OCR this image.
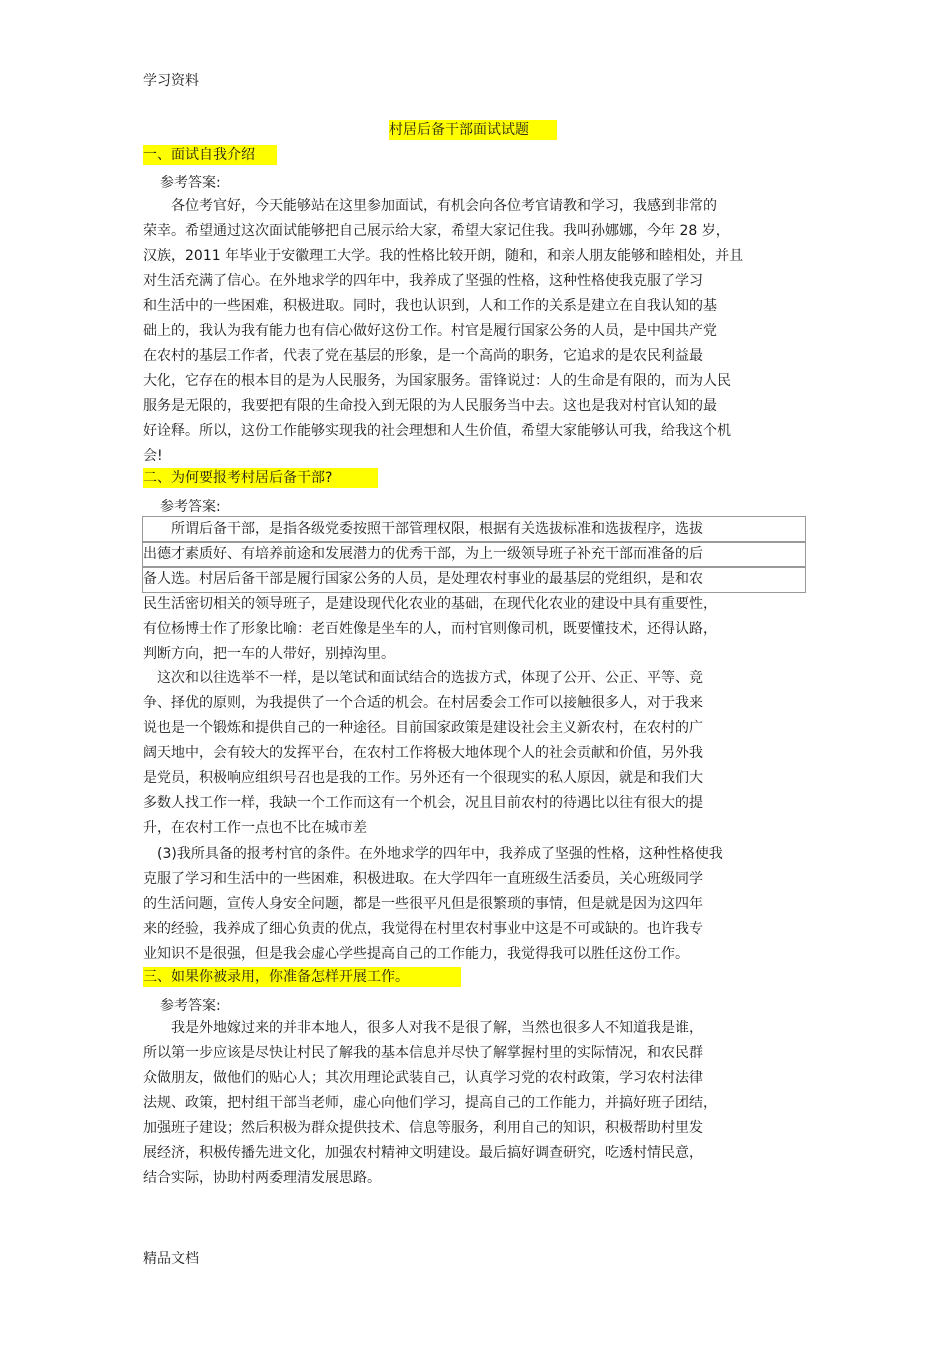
学习资料
村居后备干部面试试题
一、面试自我介绍
参考答案:
　　各位考官好，今天能够站在这里参加面试，有机会向各位考官请教和学习，我感到非常的
荣幸。希望通过这次面试能够把自己展示给大家，希望大家记住我。我叫孙娜娜，今年 28 岁，
汉族，2011 年毕业于安徽理工大学。我的性格比较开朗，随和，和亲人朋友能够和睦相处，并且
对生活充满了信心。在外地求学的四年中，我养成了坚强的性格，这种性格使我克服了学习
和生活中的一些困难，积极进取。同时，我也认识到，人和工作的关系是建立在自我认知的基
础上的，我认为我有能力也有信心做好这份工作。村官是履行国家公务的人员，是中国共产党
在农村的基层工作者，代表了党在基层的形象，是一个高尚的职务，它追求的是农民利益最
大化，它存在的根本目的是为人民服务，为国家服务。雷锋说过：人的生命是有限的，而为人民
服务是无限的，我要把有限的生命投入到无限的为人民服务当中去。这也是我对村官认知的最
好诠释。所以，这份工作能够实现我的社会理想和人生价值，希望大家能够认可我，给我这个机
会!
二、为何要报考村居后备干部?
参考答案:
　　所谓后备干部，是指各级党委按照干部管理权限，根据有关选拔标准和选拔程序，选拔
出德才素质好、有培养前途和发展潜力的优秀干部，为上一级领导班子补充干部而准备的后
备人选。村居后备干部是履行国家公务的人员，是处理农村事业的最基层的党组织，是和农
民生活密切相关的领导班子，是建设现代化农业的基础，在现代化农业的建设中具有重要性，
有位杨博士作了形象比喻：老百姓像是坐车的人，而村官则像司机，既要懂技术，还得认路，
判断方向，把一车的人带好，别掉沟里。
　这次和以往选举不一样，是以笔试和面试结合的选拔方式，体现了公开、公正、平等、竞
争、择优的原则，为我提供了一个合适的机会。在村居委会工作可以接触很多人，对于我来
说也是一个锻炼和提供自己的一种途径。目前国家政策是建设社会主义新农村，在农村的广
阔天地中，会有较大的发挥平台，在农村工作将极大地体现个人的社会贡献和价值，另外我
是党员，积极响应组织号召也是我的工作。另外还有一个很现实的私人原因，就是和我们大
多数人找工作一样，我缺一个工作而这有一个机会，况且目前农村的待遇比以往有很大的提
升，在农村工作一点也不比在城市差
　(3)我所具备的报考村官的条件。在外地求学的四年中，我养成了坚强的性格，这种性格使我
克服了学习和生活中的一些困难，积极进取。在大学四年一直班级生活委员，关心班级同学
的生活问题，宣传人身安全问题，都是一些很平凡但是很繁琐的事情，但是就是因为这四年
来的经验，我养成了细心负责的优点，我觉得在村里农村事业中这是不可或缺的。也许我专
业知识不是很强，但是我会虚心学些提高自己的工作能力，我觉得我可以胜任这份工作。
三、如果你被录用，你准备怎样开展工作。
参考答案:
　　我是外地嫁过来的并非本地人，很多人对我不是很了解，当然也很多人不知道我是谁，
所以第一步应该是尽快让村民了解我的基本信息并尽快了解掌握村里的实际情况，和农民群
众做朋友，做他们的贴心人；其次用理论武装自己，认真学习党的农村政策，学习农村法律
法规、政策，把村组干部当老师，虚心向他们学习，提高自己的工作能力，并搞好班子团结，
加强班子建设；然后积极为群众提供技术、信息等服务，利用自己的知识，积极帮助村里发
展经济，积极传播先进文化，加强农村精神文明建设。最后搞好调查研究，吃透村情民意，
结合实际，协助村两委理清发展思路。
精品文档
